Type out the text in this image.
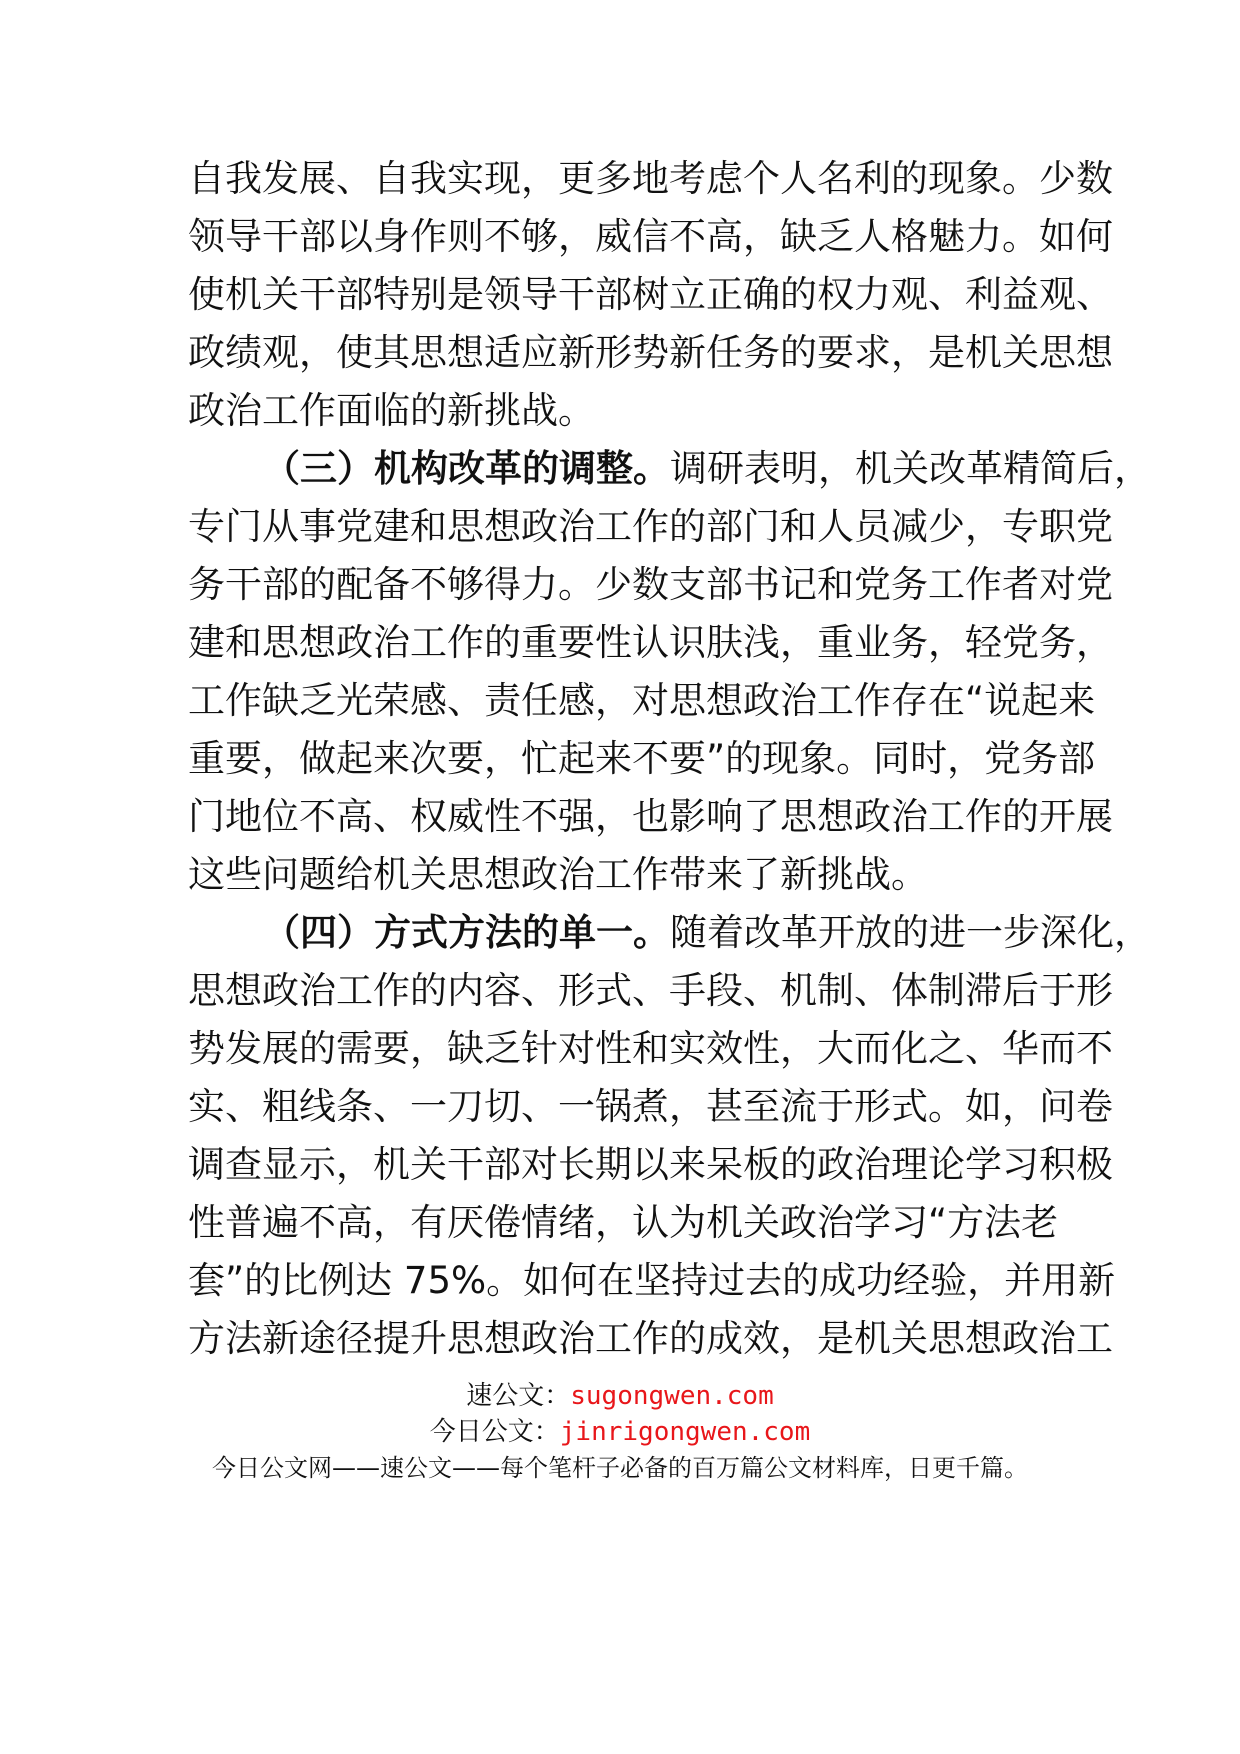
自我发展、自我实现，更多地考虑个人名利的现象。少数
领导干部以身作则不够，威信不高，缺乏人格魅力。如何
使机关干部特别是领导干部树立正确的权力观、利益观、
政绩观，使其思想适应新形势新任务的要求，是机关思想
政治工作面临的新挑战。
（三）机构改革的调整。调研表明，机关改革精简后，
专门从事党建和思想政治工作的部门和人员减少，专职党
务干部的配备不够得力。少数支部书记和党务工作者对党
建和思想政治工作的重要性认识肤浅，重业务，轻党务，
工作缺乏光荣感、责任感，对思想政治工作存在“说起来
重要，做起来次要，忙起来不要”的现象。同时，党务部
门地位不高、权威性不强，也影响了思想政治工作的开展
这些问题给机关思想政治工作带来了新挑战。
（四）方式方法的单一。随着改革开放的进一步深化，
思想政治工作的内容、形式、手段、机制、体制滞后于形
势发展的需要，缺乏针对性和实效性，大而化之、华而不
实、粗线条、一刀切、一锅煮，甚至流于形式。如，问卷
调查显示，机关干部对长期以来呆板的政治理论学习积极
性普遍不高，有厌倦情绪，认为机关政治学习“方法老
套”的比例达 75%。如何在坚持过去的成功经验，并用新
方法新途径提升思想政治工作的成效，是机关思想政治工
速公文：sugongwen.com
今日公文：jinrigongwen.com
今日公文网——速公文——每个笔杆子必备的百万篇公文材料库，日更千篇。
